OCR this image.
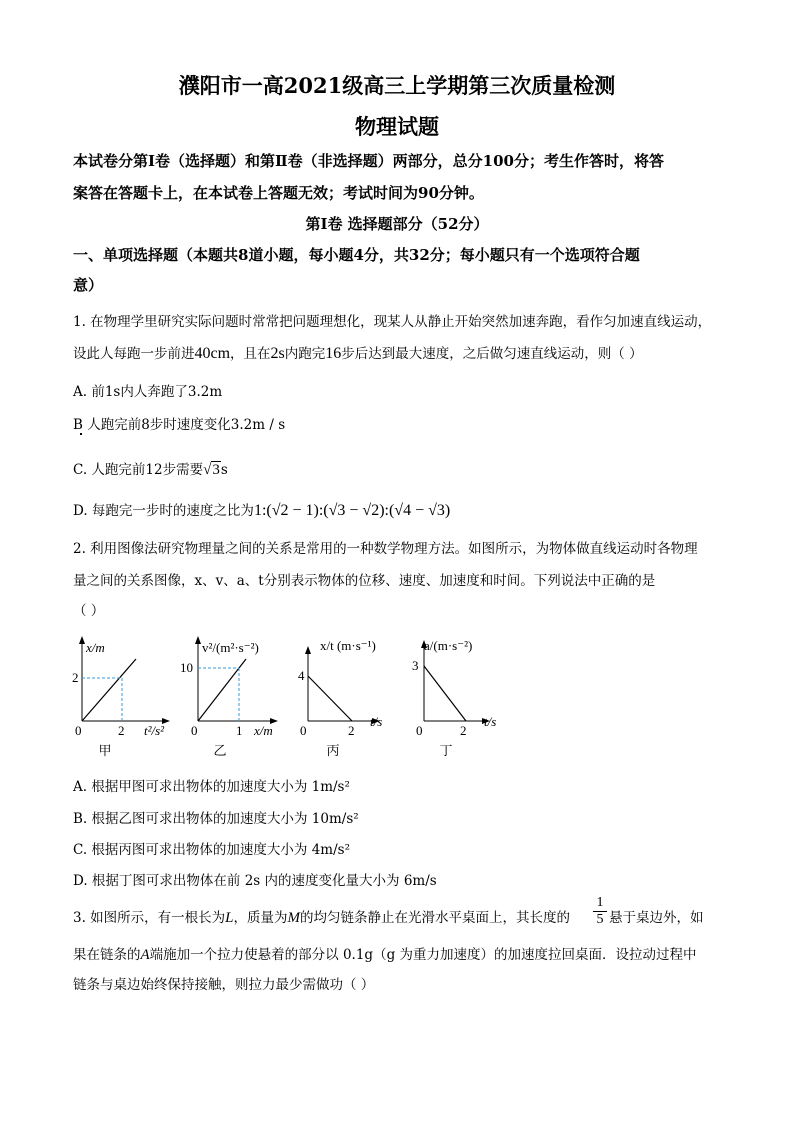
濮阳市一高2021级高三上学期第三次质量检测
物理试题
本试卷分第Ⅰ卷（选择题）和第Ⅱ卷（非选择题）两部分，总分100分；考生作答时，将答
案答在答题卡上，在本试卷上答题无效；考试时间为90分钟。
第Ⅰ卷 选择题部分（52分）
一、单项选择题（本题共8道小题，每小题4分，共32分；每小题只有一个选项符合题
意）
1. 在物理学里研究实际问题时常常把问题理想化，现某人从静止开始突然加速奔跑，看作匀加速直线运动，
设此人每跑一步前进40cm，且在2s内跑完16步后达到最大速度，之后做匀速直线运动，则（ ）
A. 前1s内人奔跑了3.2m
B 人跑完前8步时速度变化3.2m / s
C. 人跑完前12步需要√3s
D. 每跑完一步时的速度之比为1:(√2 − 1):(√3 − √2):(√4 − √3)
2. 利用图像法研究物理量之间的关系是常用的一种数学物理方法。如图所示，为物体做直线运动时各物理
量之间的关系图像，x、v、a、t分别表示物体的位移、速度、加速度和时间。下列说法中正确的是
（ ）
x/m
2
0	2 t²/s²
甲
v²/(m²·s⁻²)
10
0	1 x/m
乙
x/t (m·s⁻¹)
4
0	2
t/s
丙
a/(m·s⁻²)
3
0	2
t/s
丁
A. 根据甲图可求出物体的加速度大小为 1m/s²
B. 根据乙图可求出物体的加速度大小为 10m/s²
C. 根据丙图可求出物体的加速度大小为 4m/s²
D. 根据丁图可求出物体在前 2s 内的速度变化量大小为 6m/s
3. 如图所示，有一根长为L，质量为M的均匀链条静止在光滑水平桌面上，其长度的 $\frac{1}{5}$ 悬于桌边外，如
果在链条的A端施加一个拉力使悬着的部分以 0.1g（g 为重力加速度）的加速度拉回桌面．设拉动过程中
链条与桌边始终保持接触，则拉力最少需做功（ ）
